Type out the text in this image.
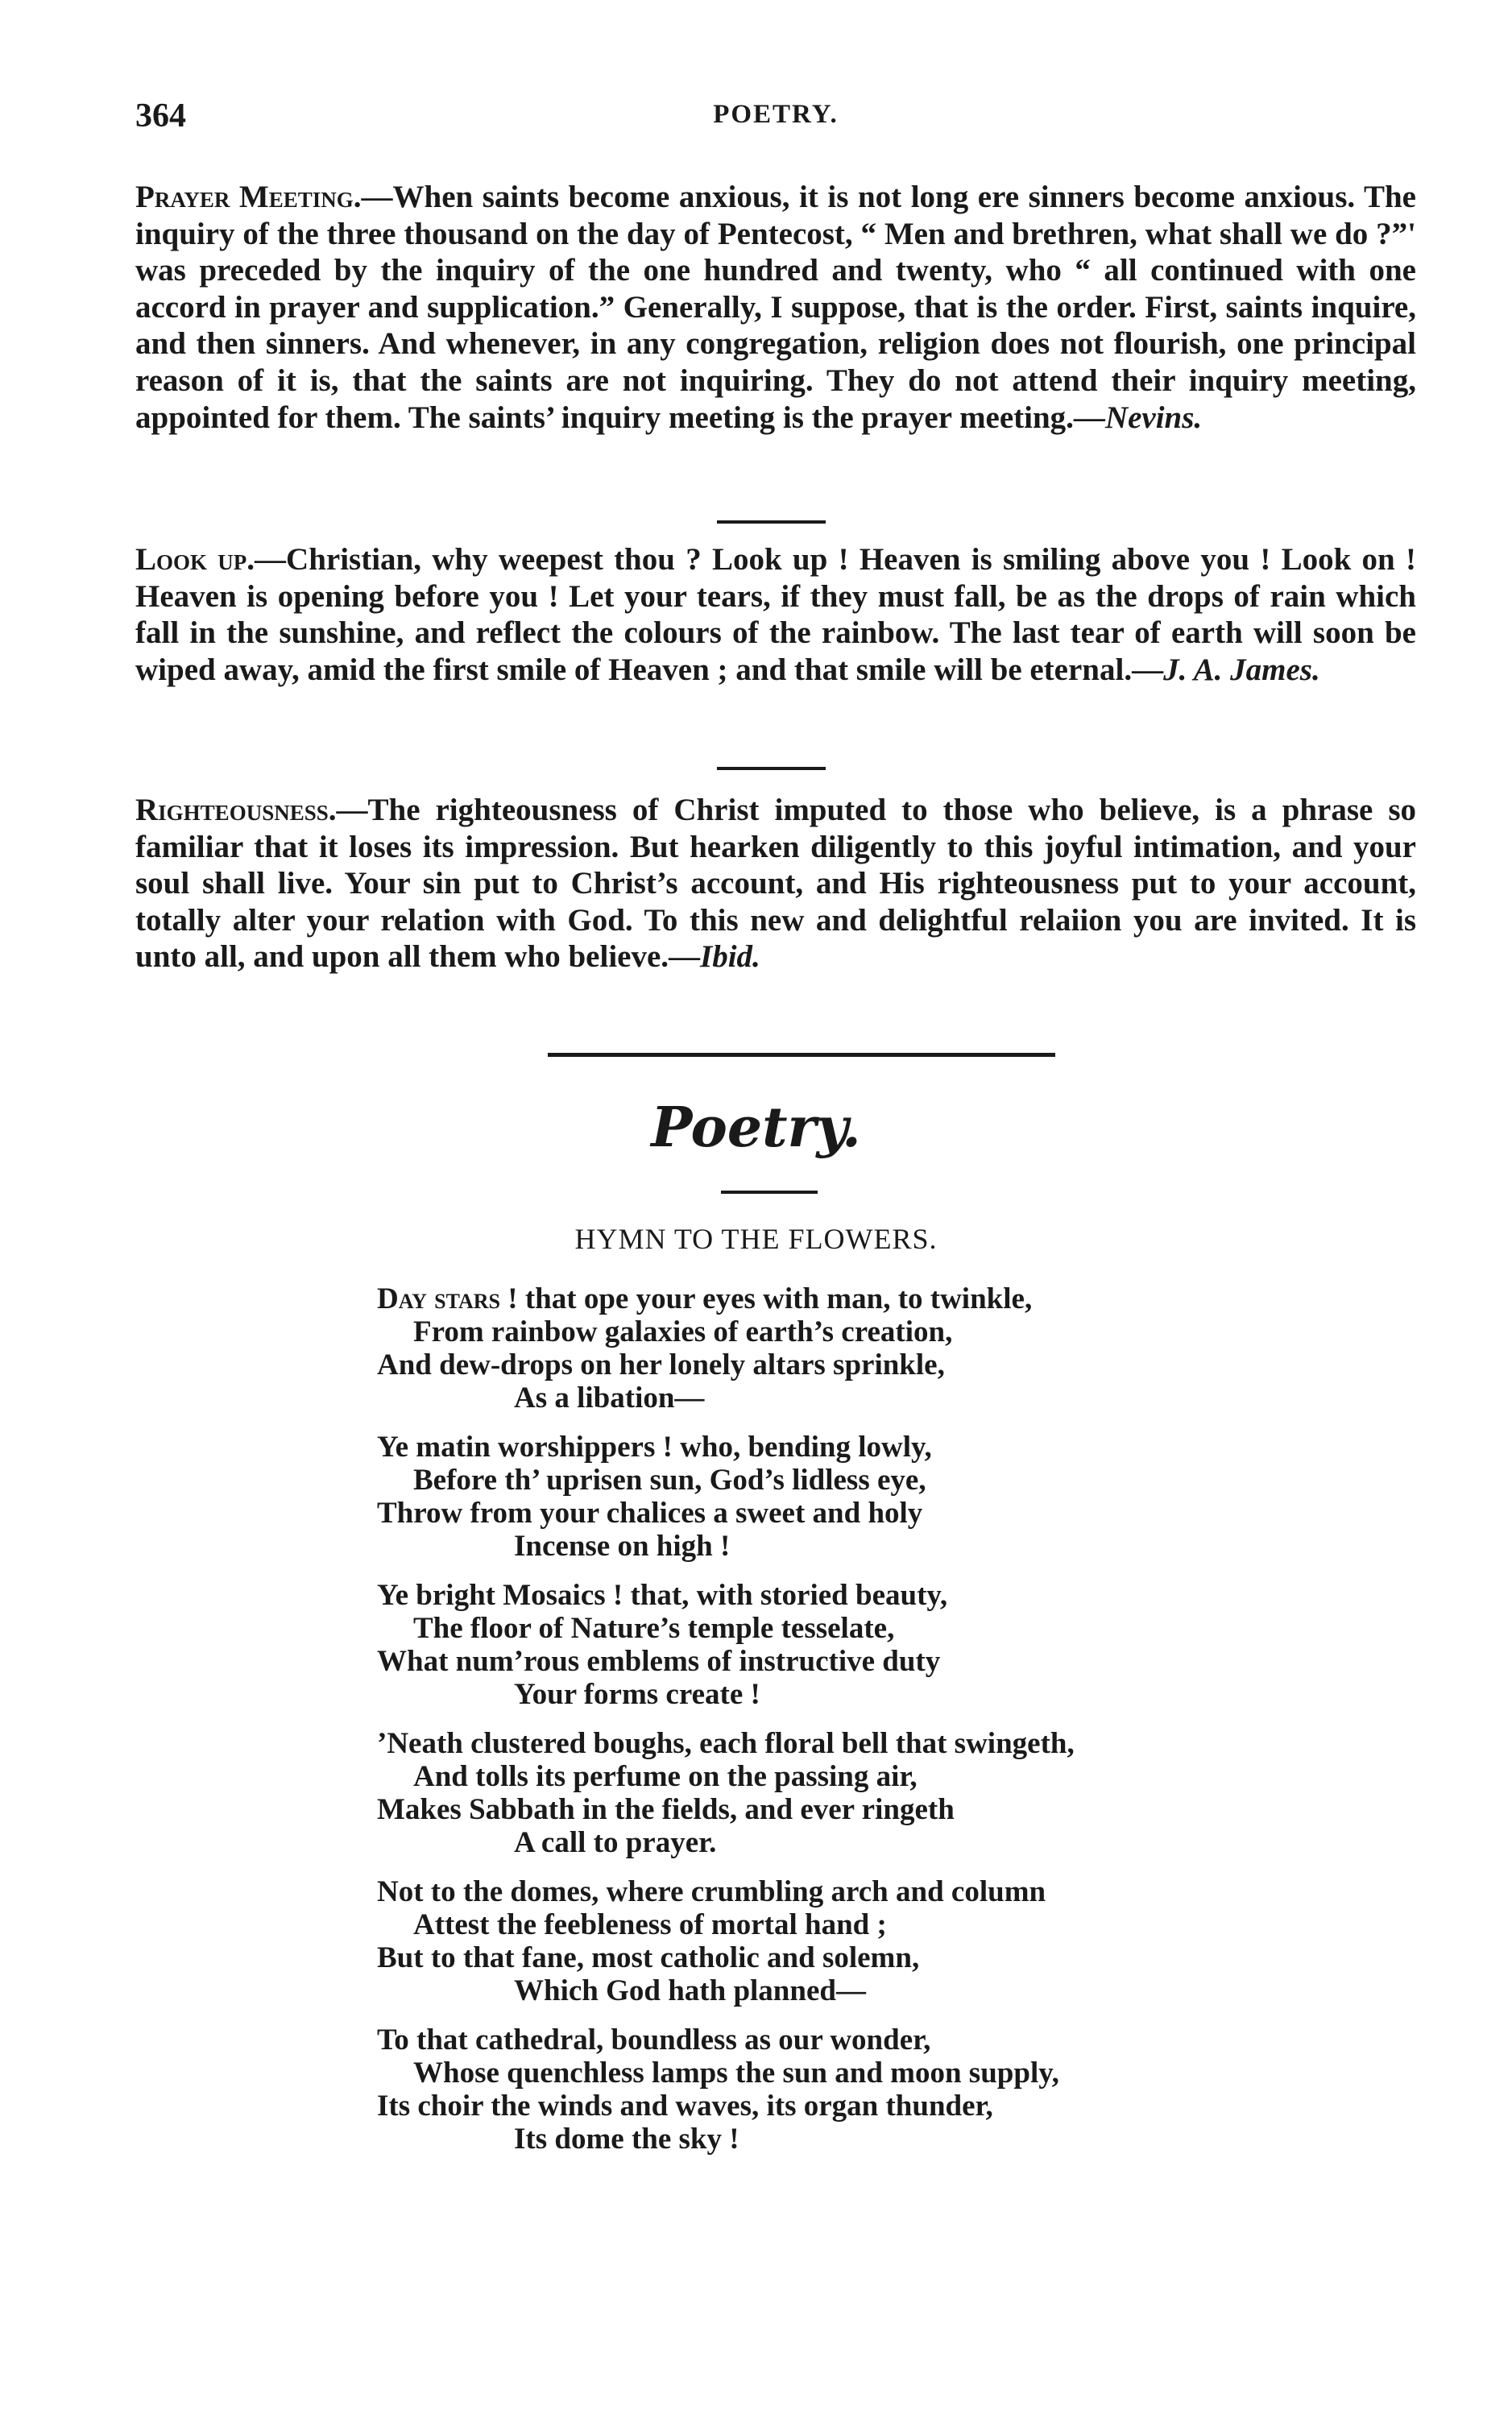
364	POETRY.

Prayer Meeting.—When saints become anxious, it is not long ere sinners become anxious. The inquiry of the three thousand on the day of Pentecost, “ Men and brethren, what shall we do ?”' was preceded by the inquiry of the one hundred and twenty, who “ all continued with one accord in prayer and supplication.” Generally, I suppose, that is the order. First, saints inquire, and then sinners. And whenever, in any congregation, religion does not flourish, one principal reason of it is, that the saints are not inquiring. They do not attend their inquiry meeting, appointed for them. The saints’ inquiry meeting is the prayer meeting.—Nevins.

Look up.—Christian, why weepest thou ? Look up ! Heaven is smiling above you ! Look on ! Heaven is opening before you ! Let your tears, if they must fall, be as the drops of rain which fall in the sunshine, and reflect the colours of the rainbow. The last tear of earth will soon be wiped away, amid the first smile of Heaven ; and that smile will be eternal.—J. A. James.

Righteousness.—The righteousness of Christ imputed to those who believe, is a phrase so familiar that it loses its impression. But hearken diligently to this joyful intimation, and your soul shall live. Your sin put to Christ’s account, and His righteousness put to your account, totally alter your relation with God. To this new and delightful relaiion you are invited. It is unto all, and upon all them who believe.—Ibid.

Poetry.
HYMN TO THE FLOWERS.
Day stars ! that ope your eyes with man, to twinkle,
From rainbow galaxies of earth’s creation,
And dew-drops on her lonely altars sprinkle,
As a libation—
Ye matin worshippers ! who, bending lowly,
Before th’ uprisen sun, God’s lidless eye,
Throw from your chalices a sweet and holy
Incense on high !
Ye bright Mosaics ! that, with storied beauty,
The floor of Nature’s temple tesselate,
What num’rous emblems of instructive duty
Your forms create !
’Neath clustered boughs, each floral bell that swingeth,
And tolls its perfume on the passing air,
Makes Sabbath in the fields, and ever ringeth
A call to prayer.
Not to the domes, where crumbling arch and column
Attest the feebleness of mortal hand ;
But to that fane, most catholic and solemn,
Which God hath planned—
To that cathedral, boundless as our wonder,
Whose quenchless lamps the sun and moon supply,
Its choir the winds and waves, its organ thunder,
Its dome the sky !
